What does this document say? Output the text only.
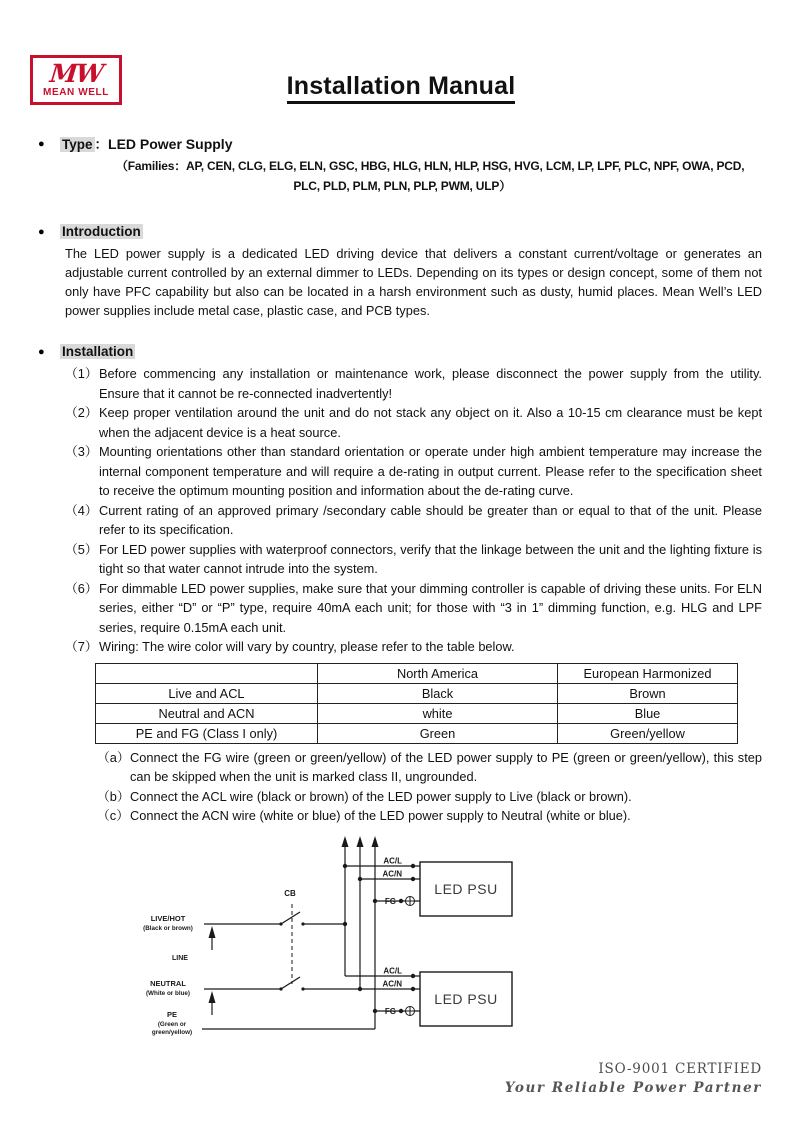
MW
MEAN WELL	Installation Manual
●	Type ：LED Power Supply
（Families：AP, CEN, CLG, ELG, ELN, GSC, HBG, HLG, HLN, HLP, HSG, HVG, LCM, LP, LPF, PLC, NPF, OWA, PCD,
PLC, PLD, PLM, PLN, PLP, PWM, ULP）
●	Introduction
The LED power supply is a dedicated LED driving device that delivers a constant current/voltage or generates an adjustable current controlled by an external dimmer to LEDs. Depending on its types or design concept, some of them not only have PFC capability but also can be located in a harsh environment such as dusty, humid places. Mean Well’s LED power supplies include metal case, plastic case, and PCB types.
●	Installation
（1） Before commencing any installation or maintenance work, please disconnect the power supply from the utility. Ensure that it cannot be re-connected inadvertently!
（2） Keep proper ventilation around the unit and do not stack any object on it. Also a 10-15 cm clearance must be kept when the adjacent device is a heat source.
（3） Mounting orientations other than standard orientation or operate under high ambient temperature may increase the internal component temperature and will require a de-rating in output current. Please refer to the specification sheet to receive the optimum mounting position and information about the de-rating curve.
（4） Current rating of an approved primary /secondary cable should be greater than or equal to that of the unit. Please refer to its specification.
（5） For LED power supplies with waterproof connectors, verify that the linkage between the unit and the lighting fixture is tight so that water cannot intrude into the system.
（6） For dimmable LED power supplies, make sure that your dimming controller is capable of driving these units. For ELN series, either “D” or “P” type, require 40mA each unit; for those with “3 in 1” dimming function, e.g. HLG and LPF series, require 0.15mA each unit.
（7） Wiring: The wire color will vary by country, please refer to the table below.
	North America	European Harmonized
Live and ACL	Black	Brown
Neutral and ACN	white	Blue
PE and FG (Class I only)	Green	Green/yellow
（a） Connect the FG wire (green or green/yellow) of the LED power supply to PE (green or green/yellow), this step can be skipped when the unit is marked class II, ungrounded.
（b） Connect the ACL wire (black or brown) of the LED power supply to Live (black or brown).
（c） Connect the ACN wire (white or blue) of the LED power supply to Neutral (white or blue).
LED PSU
LED PSU
AC/L
AC/N
FG
AC/L
AC/N
FG
CB
LIVE/HOT
(Black or brown)
LINE
NEUTRAL
(White or blue)
PE
(Green or
green/yellow)
ISO-9001 CERTIFIED
Your Reliable Power Partner
